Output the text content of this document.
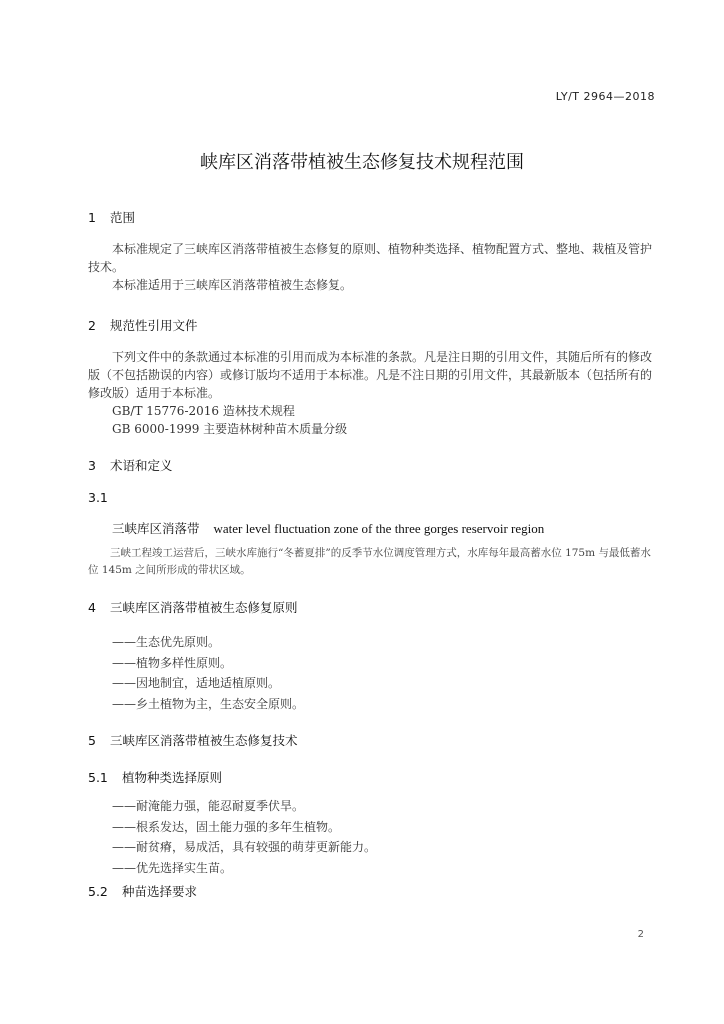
LY/T 2964—2018
峡库区消落带植被生态修复技术规程范围
1 范围

本标准规定了三峡库区消落带植被生态修复的原则、植物种类选择、植物配置方式、整地、栽植及管护技术。

本标准适用于三峡库区消落带植被生态修复。

2 规范性引用文件

下列文件中的条款通过本标准的引用而成为本标准的条款。凡是注日期的引用文件，其随后所有的修改版（不包括勘误的内容）或修订版均不适用于本标准。凡是不注日期的引用文件，其最新版本（包括所有的修改版）适用于本标准。

GB/T 15776-2016 造林技术规程
GB 6000-1999 主要造林树种苗木质量分级
3 术语和定义
3.1
三峡库区消落带 water level fluctuation zone of the three gorges reservoir region

三峡工程竣工运营后，三峡水库施行“冬蓄夏排”的反季节水位调度管理方式，水库每年最高蓄水位 175m 与最低蓄水位 145m 之间所形成的带状区域。

4 三峡库区消落带植被生态修复原则
——生态优先原则。
——植物多样性原则。
——因地制宜，适地适植原则。
——乡土植物为主，生态安全原则。
5 三峡库区消落带植被生态修复技术
5.1 植物种类选择原则
——耐淹能力强，能忍耐夏季伏旱。
——根系发达，固土能力强的多年生植物。
——耐贫瘠，易成活，具有较强的萌芽更新能力。
——优先选择实生苗。
5.2 种苗选择要求
2
